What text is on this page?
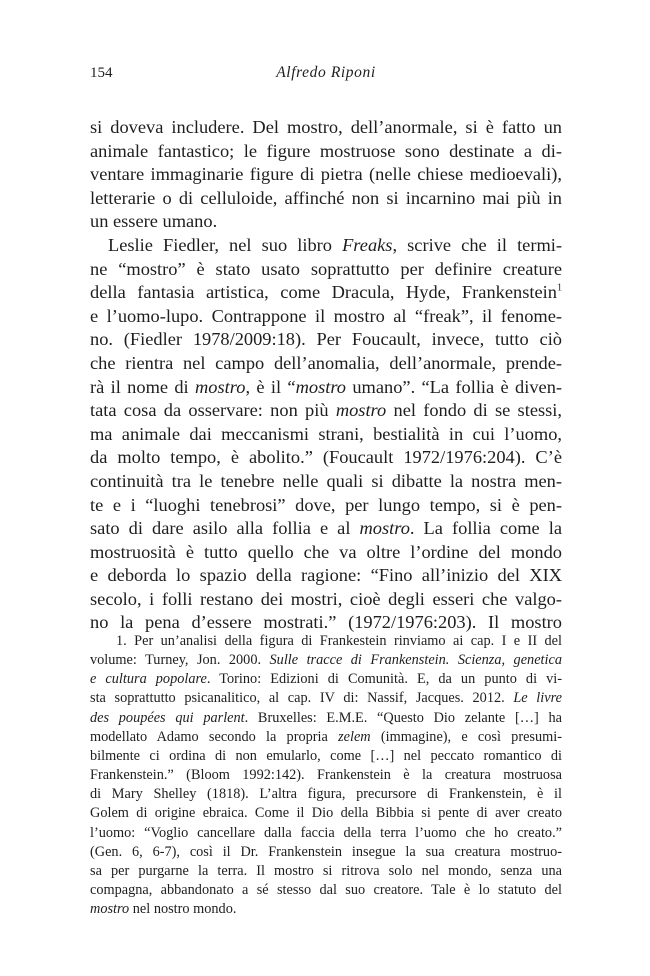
154	Alfredo Riponi
si doveva includere. Del mostro, dell’anormale, si è fatto un
animale fantastico; le figure mostruose sono destinate a di-
ventare immaginarie figure di pietra (nelle chiese medioevali),
letterarie o di celluloide, affinché non si incarnino mai più in
un essere umano.
Leslie Fiedler, nel suo libro Freaks, scrive che il termi-
ne “mostro” è stato usato soprattutto per definire creature
della fantasia artistica, come Dracula, Hyde, Frankenstein$^1$
e l’uomo-lupo. Contrappone il mostro al “freak”, il fenome-
no. (Fiedler 1978/2009:18). Per Foucault, invece, tutto ciò
che rientra nel campo dell’anomalia, dell’anormale, prende-
rà il nome di mostro, è il “mostro umano”. “La follia è diven-
tata cosa da osservare: non più mostro nel fondo di se stessi,
ma animale dai meccanismi strani, bestialità in cui l’uomo,
da molto tempo, è abolito.” (Foucault 1972/1976:204). C’è
continuità tra le tenebre nelle quali si dibatte la nostra men-
te e i “luoghi tenebrosi” dove, per lungo tempo, si è pen-
sato di dare asilo alla follia e al mostro. La follia come la
mostruosità è tutto quello che va oltre l’ordine del mondo
e deborda lo spazio della ragione: “Fino all’inizio del XIX
secolo, i folli restano dei mostri, cioè degli esseri che valgo-
no la pena d’essere mostrati.” (1972/1976:203). Il mostro
1. Per un’analisi della figura di Frankestein rinviamo ai cap. I e II del
volume: Turney, Jon. 2000. Sulle tracce di Frankenstein. Scienza, genetica
e cultura popolare. Torino: Edizioni di Comunità. E, da un punto di vi-
sta soprattutto psicanalitico, al cap. IV di: Nassif, Jacques. 2012. Le livre
des poupées qui parlent. Bruxelles: E.M.E. “Questo Dio zelante […] ha
modellato Adamo secondo la propria zelem (immagine), e così presumi-
bilmente ci ordina di non emularlo, come […] nel peccato romantico di
Frankenstein.” (Bloom 1992:142). Frankenstein è la creatura mostruosa
di Mary Shelley (1818). L’altra figura, precursore di Frankenstein, è il
Golem di origine ebraica. Come il Dio della Bibbia si pente di aver creato
l’uomo: “Voglio cancellare dalla faccia della terra l’uomo che ho creato.”
(Gen. 6, 6-7), così il Dr. Frankenstein insegue la sua creatura mostruo-
sa per purgarne la terra. Il mostro si ritrova solo nel mondo, senza una
compagna, abbandonato a sé stesso dal suo creatore. Tale è lo statuto del
mostro nel nostro mondo.
